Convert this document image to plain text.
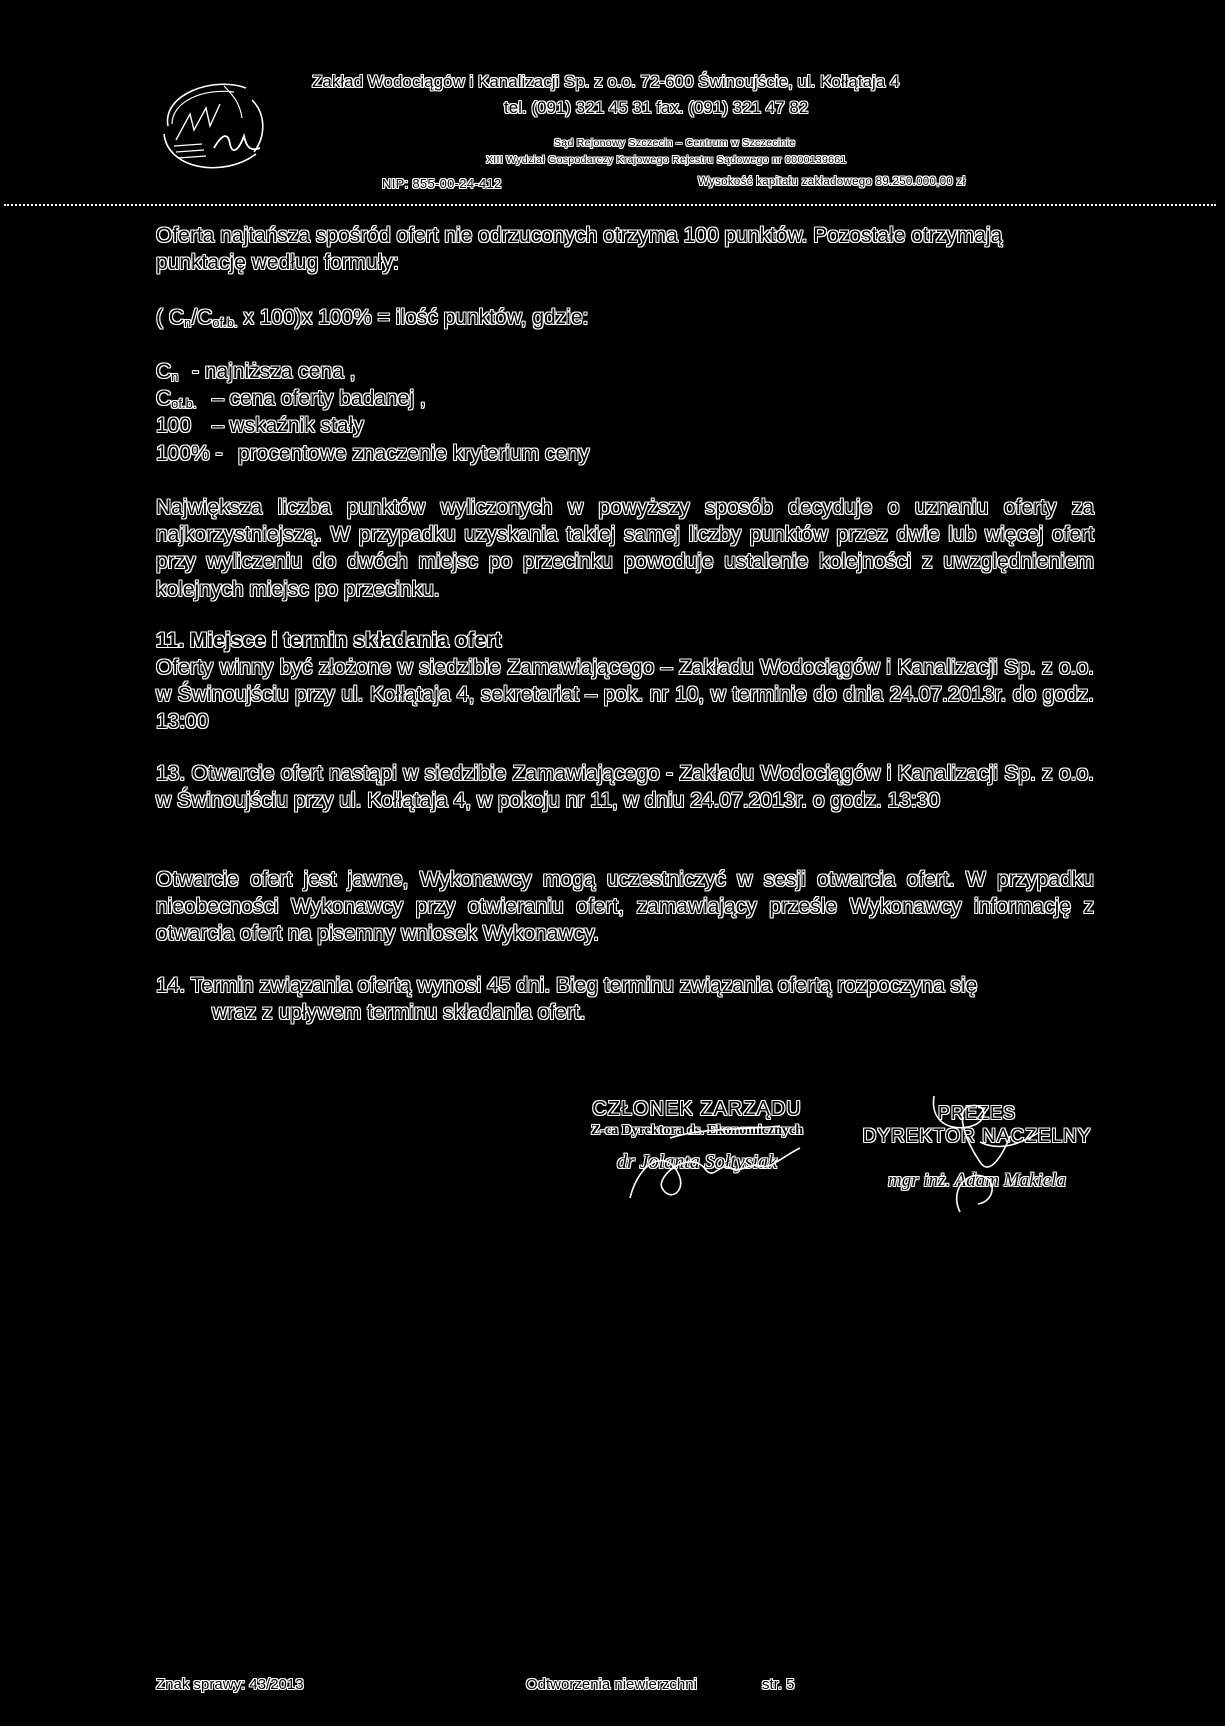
Zakład Wodociągów i Kanalizacji Sp. z o.o. 72-600 Świnoujście, ul. Kołłątaja 4
tel. (091) 321 45 31 fax. (091) 321 47 82
Sąd Rejonowy Szczecin – Centrum w Szczecinie
XIII Wydział Gospodarczy Krajowego Rejestru Sądowego nr 0000139661
NIP: 855-00-24-412	Wysokość kapitału zakładowego 89.250.000,00 zł
Oferta najtańsza spośród ofert nie odrzuconych otrzyma 100 punktów. Pozostałe otrzymają
punktację według formuły:
( $C_n/C_{of.b.}$ x 100)x 100% = ilość punktów, gdzie:
$C_n$ - najniższa cena ,
$C_{of.b.}$ – cena oferty badanej ,
100 – wskaźnik stały
100% - procentowe znaczenie kryterium ceny
Największa liczba punktów wyliczonych w powyższy sposób decyduje o uznaniu oferty za najkorzystniejszą. W przypadku uzyskania takiej samej liczby punktów przez dwie lub więcej ofert przy wyliczeniu do dwóch miejsc po przecinku powoduje ustalenie kolejności z uwzględnieniem kolejnych miejsc po przecinku.
11. Miejsce i termin składania ofert
Oferty winny być złożone w siedzibie Zamawiającego – Zakładu Wodociągów i Kanalizacji Sp. z o.o. w Świnoujściu przy ul. Kołłątaja 4, sekretariat – pok. nr 10, w terminie do dnia 24.07.2013r. do godz. 13:00
13. Otwarcie ofert nastąpi w siedzibie Zamawiającego - Zakładu Wodociągów i Kanalizacji Sp. z o.o. w Świnoujściu przy ul. Kołłątaja 4, w pokoju nr 11, w dniu 24.07.2013r. o godz. 13:30
Otwarcie ofert jest jawne, Wykonawcy mogą uczestniczyć w sesji otwarcia ofert. W przypadku nieobecności Wykonawcy przy otwieraniu ofert, zamawiający prześle Wykonawcy informację z otwarcia ofert na pisemny wniosek Wykonawcy.
14. Termin związania ofertą wynosi 45 dni. Bieg terminu związania ofertą rozpoczyna się
wraz z upływem terminu składania ofert.
CZŁONEK ZARZĄDU
Z-ca Dyrektora ds. Ekonomicznych
dr Jolanta Sołtysiak
PREZES
DYREKTOR NACZELNY
mgr inż. Adam Makiela
Znak sprawy: 43/2013	Odtworzenia niewierzchni	str. 5
